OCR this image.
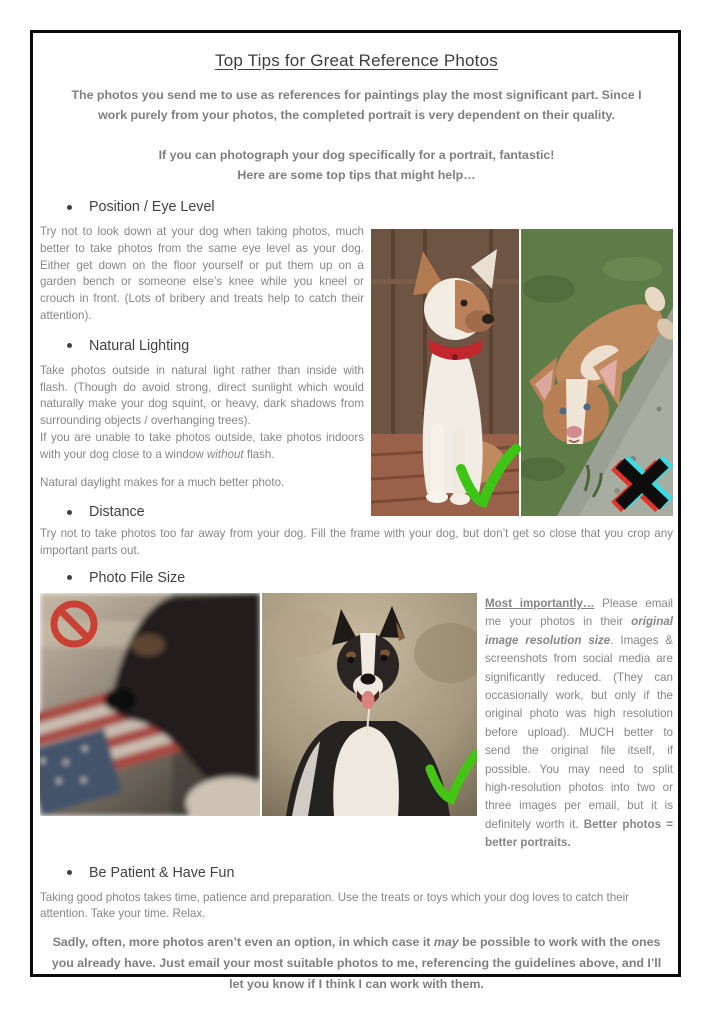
Top Tips for Great Reference Photos

The photos you send me to use as references for paintings play the most significant part. Since I work purely from your photos, the completed portrait is very dependent on their quality.

If you can photograph your dog specifically for a portrait, fantastic!
Here are some top tips that might help…

Position / Eye Level

Try not to look down at your dog when taking photos, much better to take photos from the same eye level as your dog. Either get down on the floor yourself or put them up on a garden bench or someone else’s knee while you kneel or crouch in front. (Lots of bribery and treats help to catch their attention).

Natural Lighting

Take photos outside in natural light rather than inside with flash. (Though do avoid strong, direct sunlight which would naturally make your dog squint, or heavy, dark shadows from surrounding objects / overhanging trees).

If you are unable to take photos outside, take photos indoors with your dog close to a window without flash.

Natural daylight makes for a much better photo.

Distance

Try not to take photos too far away from your dog. Fill the frame with your dog, but don’t get so close that you crop any important parts out.

Photo File Size

Most importantly… Please email me your photos in their original image resolution size. Images & screenshots from social media are significantly reduced. (They can occasionally work, but only if the original photo was high resolution before upload). MUCH better to send the original file itself, if possible. You may need to split high-resolution photos into two or three images per email, but it is definitely worth it. Better photos = better portraits.

Be Patient & Have Fun

Taking good photos takes time, patience and preparation. Use the treats or toys which your dog loves to catch their attention. Take your time. Relax.

Sadly, often, more photos aren’t even an option, in which case it may be possible to work with the ones you already have. Just email your most suitable photos to me, referencing the guidelines above, and I’ll let you know if I think I can work with them.
